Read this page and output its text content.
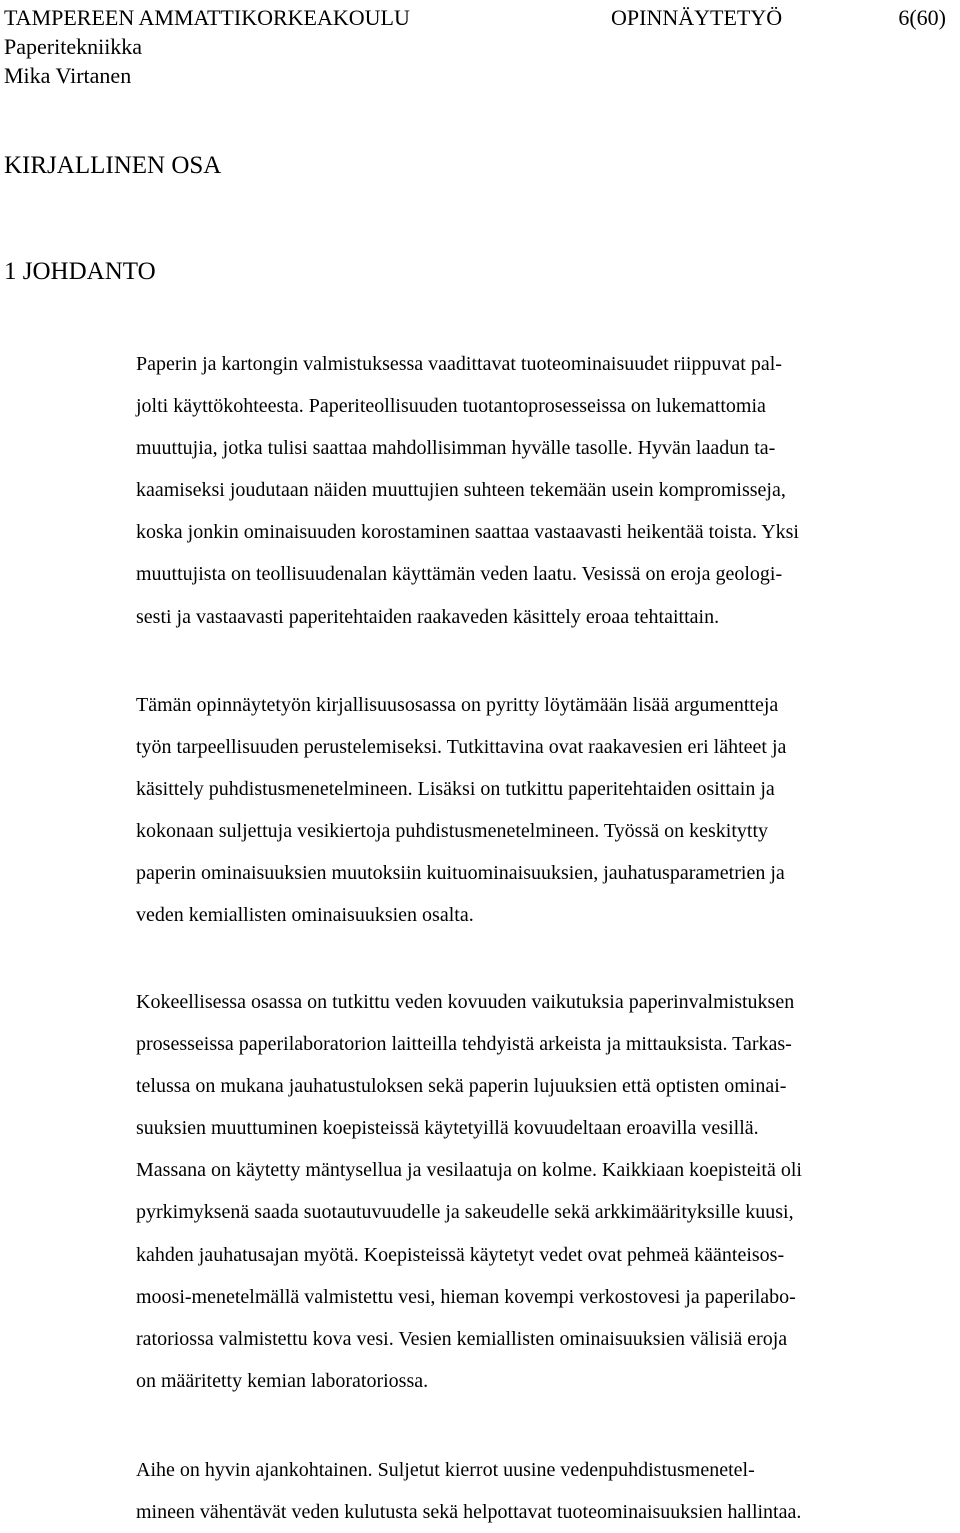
TAMPEREEN AMMATTIKORKEAKOULU	OPINNÄYTETYÖ	6(60)
Paperitekniikka
Mika Virtanen
KIRJALLINEN OSA
1 JOHDANTO

Paperin ja kartongin valmistuksessa vaadittavat tuoteominaisuudet riippuvat pal-
jolti käyttökohteesta. Paperiteollisuuden tuotantoprosesseissa on lukemattomia
muuttujia, jotka tulisi saattaa mahdollisimman hyvälle tasolle. Hyvän laadun ta-
kaamiseksi joudutaan näiden muuttujien suhteen tekemään usein kompromisseja,
koska jonkin ominaisuuden korostaminen saattaa vastaavasti heikentää toista. Yksi
muuttujista on teollisuudenalan käyttämän veden laatu. Vesissä on eroja geologi-
sesti ja vastaavasti paperitehtaiden raakaveden käsittely eroaa tehtaittain.

Tämän opinnäytetyön kirjallisuusosassa on pyritty löytämään lisää argumentteja
työn tarpeellisuuden perustelemiseksi. Tutkittavina ovat raakavesien eri lähteet ja
käsittely puhdistusmenetelmineen. Lisäksi on tutkittu paperitehtaiden osittain ja
kokonaan suljettuja vesikiertoja puhdistusmenetelmineen. Työssä on keskitytty
paperin ominaisuuksien muutoksiin kuituominaisuuksien, jauhatusparametrien ja
veden kemiallisten ominaisuuksien osalta.

Kokeellisessa osassa on tutkittu veden kovuuden vaikutuksia paperinvalmistuksen
prosesseissa paperilaboratorion laitteilla tehdyistä arkeista ja mittauksista. Tarkas-
telussa on mukana jauhatustuloksen sekä paperin lujuuksien että optisten ominai-
suuksien muuttuminen koepisteissä käytetyillä kovuudeltaan eroavilla vesillä.
Massana on käytetty mäntysellua ja vesilaatuja on kolme. Kaikkiaan koepisteitä oli
pyrkimyksenä saada suotautuvuudelle ja sakeudelle sekä arkkimäärityksille kuusi,
kahden jauhatusajan myötä. Koepisteissä käytetyt vedet ovat pehmeä käänteisos-
moosi-menetelmällä valmistettu vesi, hieman kovempi verkostovesi ja paperilabo-
ratoriossa valmistettu kova vesi. Vesien kemiallisten ominaisuuksien välisiä eroja
on määritetty kemian laboratoriossa.

Aihe on hyvin ajankohtainen. Suljetut kierrot uusine vedenpuhdistusmenetel-
mineen vähentävät veden kulutusta sekä helpottavat tuoteominaisuuksien hallintaa.
